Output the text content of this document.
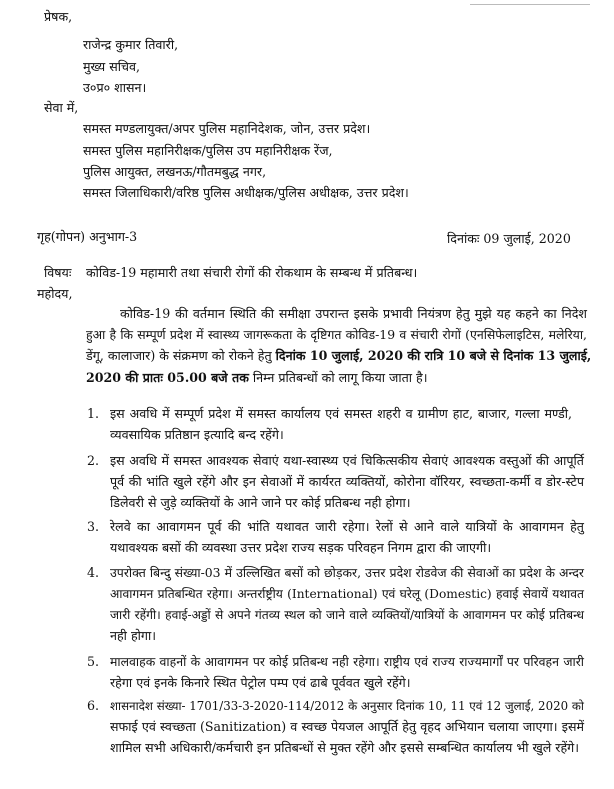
प्रेषक,
राजेन्द्र कुमार तिवारी,
मुख्य सचिव,
उ०प्र० शासन।
सेवा में,
समस्त मण्डलायुक्त/अपर पुलिस महानिदेशक, जोन, उत्तर प्रदेश।
समस्त पुलिस महानिरीक्षक/पुलिस उप महानिरीक्षक रेंज,
पुलिस आयुक्त, लखनऊ/गौतमबुद्ध नगर,
समस्त जिलाधिकारी/वरिष्ठ पुलिस अधीक्षक/पुलिस अधीक्षक, उत्तर प्रदेश।
गृह(गोपन) अनुभाग-3	दिनांकः 09 जुलाई, 2020
विषयः कोविड-19 महामारी तथा संचारी रोगों की रोकथाम के सम्बन्ध में प्रतिबन्ध।
महोदय,
कोविड-19 की वर्तमान स्थिति की समीक्षा उपरान्त इसके प्रभावी नियंत्रण हेतु मुझे यह कहने का निदेश
हुआ है कि सम्पूर्ण प्रदेश में स्वास्थ्य जागरूकता के दृष्टिगत कोविड-19 व संचारी रोगों (एनसिफेलाइटिस, मलेरिया,
डेंगू, कालाजार) के संक्रमण को रोकने हेतु दिनांक 10 जुलाई, 2020 की रात्रि 10 बजे से दिनांक 13 जुलाई,
2020 की प्रातः 05.00 बजे तक निम्न प्रतिबन्धों को लागू किया जाता है।
1. इस अवधि में सम्पूर्ण प्रदेश में समस्त कार्यालय एवं समस्त शहरी व ग्रामीण हाट, बाजार, गल्ला मण्डी,
व्यवसायिक प्रतिष्ठान इत्यादि बन्द रहेंगे।
2. इस अवधि में समस्त आवश्यक सेवाएं यथा-स्वास्थ्य एवं चिकित्सकीय सेवाएं आवश्यक वस्तुओं की आपूर्ति
पूर्व की भांति खुले रहेंगे और इन सेवाओं में कार्यरत व्यक्तियों, कोरोना वॉरियर, स्वच्छता-कर्मी व डोर-स्टेप
डिलेवरी से जुड़े व्यक्तियों के आने जाने पर कोई प्रतिबन्ध नही होगा।
3. रेलवे का आवागमन पूर्व की भांति यथावत जारी रहेगा। रेलों से आने वाले यात्रियों के आवागमन हेतु
यथावश्यक बसों की व्यवस्था उत्तर प्रदेश राज्य सड़क परिवहन निगम द्वारा की जाएगी।
4. उपरोक्त बिन्दु संख्या-03 में उल्लिखित बसों को छोड़कर, उत्तर प्रदेश रोडवेज की सेवाओं का प्रदेश के अन्दर
आवागमन प्रतिबन्धित रहेगा। अन्तर्राष्ट्रीय (International) एवं घरेलू (Domestic) हवाई सेवायें यथावत
जारी रहेंगी। हवाई-अड्डों से अपने गंतव्य स्थल को जाने वाले व्यक्तियों/यात्रियों के आवागमन पर कोई प्रतिबन्ध
नही होगा।
5. मालवाहक वाहनों के आवागमन पर कोई प्रतिबन्ध नही रहेगा। राष्ट्रीय एवं राज्य राज्यमार्गों पर परिवहन जारी
रहेगा एवं इनके किनारे स्थित पेट्रोल पम्प एवं ढाबे पूर्ववत खुले रहेंगे।
6. शासनादेश संख्या- 1701/33-3-2020-114/2012 के अनुसार दिनांक 10, 11 एवं 12 जुलाई, 2020 को
सफाई एवं स्वच्छता (Sanitization) व स्वच्छ पेयजल आपूर्ति हेतु वृहद अभियान चलाया जाएगा। इसमें
शामिल सभी अधिकारी/कर्मचारी इन प्रतिबन्धों से मुक्त रहेंगे और इससे सम्बन्धित कार्यालय भी खुले रहेंगे।
